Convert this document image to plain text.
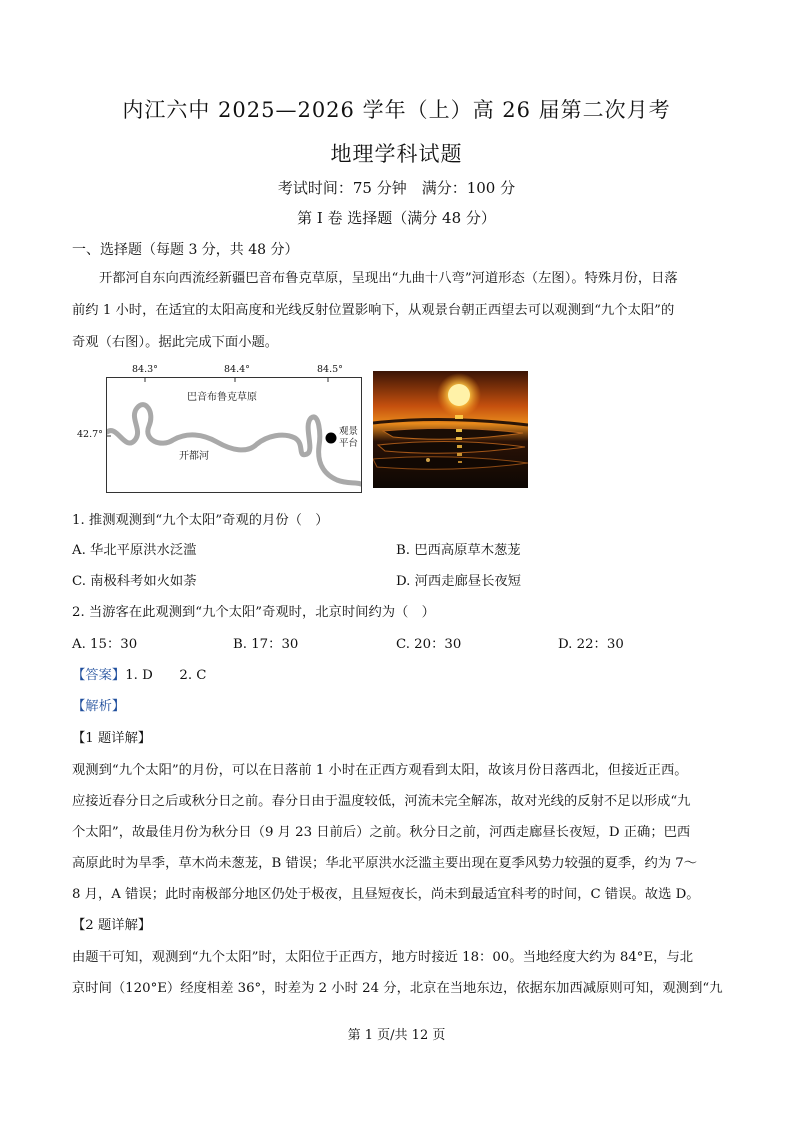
内江六中 2025—2026 学年（上）高 26 届第二次月考
地理学科试题
考试时间：75 分钟　满分：100 分
第 I 卷 选择题（满分 48 分）
一、选择题（每题 3 分，共 48 分）
开都河自东向西流经新疆巴音布鲁克草原，呈现出“九曲十八弯”河道形态（左图）。特殊月份，日落
前约 1 小时，在适宜的太阳高度和光线反射位置影响下，从观景台朝正西望去可以观测到“九个太阳”的
奇观（右图）。据此完成下面小题。
84.3°	84.4°	84.5°
42.7°
巴音布鲁克草原
开都河
观景
平台
1. 推测观测到“九个太阳”奇观的月份（　）
A. 华北平原洪水泛滥	B. 巴西高原草木葱茏
C. 南极科考如火如荼	D. 河西走廊昼长夜短
2. 当游客在此观测到“九个太阳”奇观时，北京时间约为（　）
A. 15：30	B. 17：30	C. 20：30	D. 22：30
【答案】1. D　　2. C
【解析】
【1 题详解】
观测到“九个太阳”的月份，可以在日落前 1 小时在正西方观看到太阳，故该月份日落西北，但接近正西。
应接近春分日之后或秋分日之前。春分日由于温度较低，河流未完全解冻，故对光线的反射不足以形成“九
个太阳”，故最佳月份为秋分日（9 月 23 日前后）之前。秋分日之前，河西走廊昼长夜短，D 正确；巴西
高原此时为旱季，草木尚未葱茏，B 错误；华北平原洪水泛滥主要出现在夏季风势力较强的夏季，约为 7～
8 月，A 错误；此时南极部分地区仍处于极夜，且昼短夜长，尚未到最适宜科考的时间，C 错误。故选 D。
【2 题详解】
由题干可知，观测到“九个太阳”时，太阳位于正西方，地方时接近 18：00。当地经度大约为 84°E，与北
京时间（120°E）经度相差 36°，时差为 2 小时 24 分，北京在当地东边，依据东加西减原则可知，观测到“九
第 1 页/共 12 页
